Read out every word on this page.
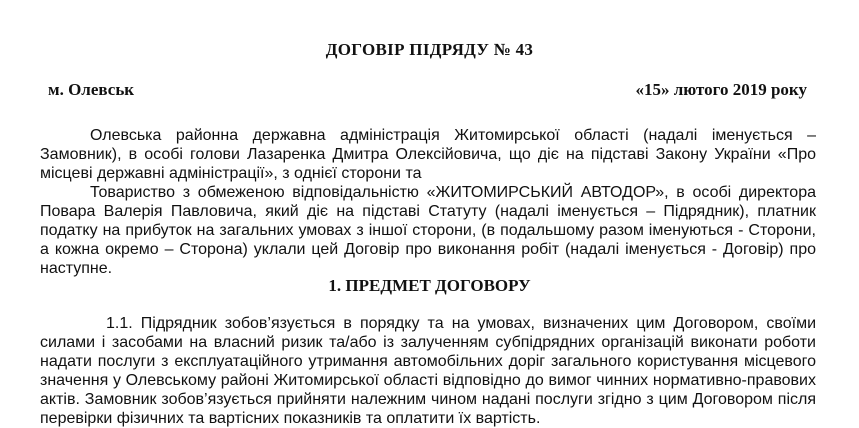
ДОГОВІР ПІДРЯДУ № 43
м. Олевськ	«15» лютого 2019 року
Олевська районна державна адміністрація Житомирської області (надалі іменується – Замовник), в особі голови Лазаренка Дмитра Олексійовича, що діє на підставі Закону України «Про місцеві державні адміністрації», з однієї сторони та
Товариство з обмеженою відповідальністю «ЖИТОМИРСЬКИЙ АВТОДОР», в особі директора Повара Валерія Павловича, який діє на підставі Статуту (надалі іменується – Підрядник), платник податку на прибуток на загальних умовах з іншої сторони, (в подальшому разом іменуються - Сторони, а кожна окремо – Сторона) уклали цей Договір про виконання робіт (надалі іменується - Договір) про наступне.
1. ПРЕДМЕТ ДОГОВОРУ
1.1. Підрядник зобов’язується в порядку та на умовах, визначених цим Договором, своїми силами і засобами на власний ризик та/або із залученням субпідрядних організацій виконати роботи надати послуги з експлуатаційного утримання автомобільних доріг загального користування місцевого значення у Олевському районі Житомирської області відповідно до вимог чинних нормативно-правових актів. Замовник зобов’язується прийняти належним чином надані послуги згідно з цим Договором після перевірки фізичних та вартісних показників та оплатити їх вартість.
